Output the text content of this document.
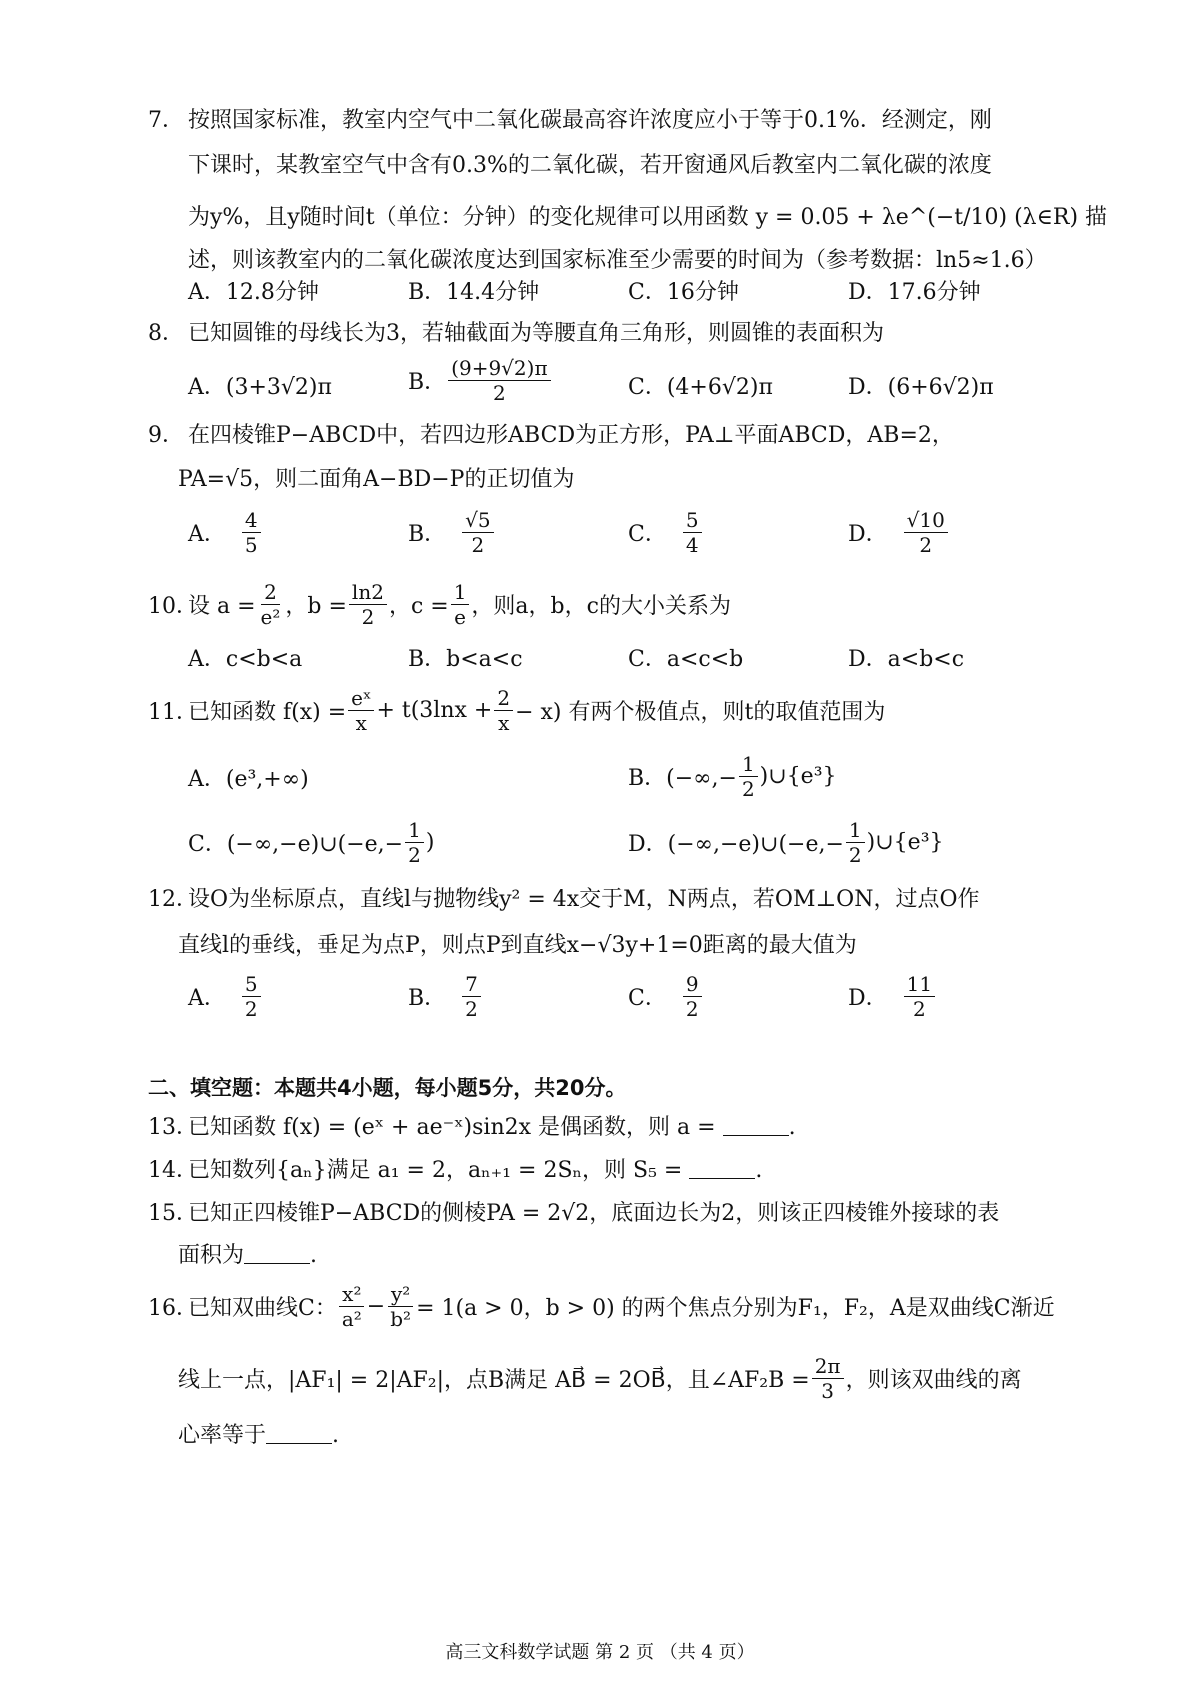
7． 按照国家标准，教室内空气中二氧化碳最高容许浓度应小于等于0.1%．经测定，刚
下课时，某教室空气中含有0.3%的二氧化碳，若开窗通风后教室内二氧化碳的浓度
为y%，且y随时间t（单位：分钟）的变化规律可以用函数 y = 0.05 + λe^(−t/10) (λ∈R) 描
述，则该教室内的二氧化碳浓度达到国家标准至少需要的时间为（参考数据：ln5≈1.6）
A．12.8分钟	B．14.4分钟	C．16分钟	D．17.6分钟
8． 已知圆锥的母线长为3，若轴截面为等腰直角三角形，则圆锥的表面积为
A．(3+3√2)π	B． $\frac{(9+9√2)\pi}{2}$	C．(4+6√2)π	D．(6+6√2)π
9． 在四棱锥P−ABCD中，若四边形ABCD为正方形，PA⊥平面ABCD，AB=2，
PA=√5，则二面角A−BD−P的正切值为
A． $\frac{4}{5}$	B． $\frac{√5}{2}$	C． $\frac{5}{4}$	D． $\frac{√10}{2}$
10．
设 $a = \frac{2}{\text{e²}}$ ，$b = \frac{\ln 2}{2}$ ，$c = \frac{1}{e}$ ，则a，b，c的大小关系为
A．c<b<a	B．b<a<c	C．a<c<b	D．a<b<c
11．
已知函数 $f(x) = \frac{\text{eˣ}}{x} + t(3\ln x + \frac{2}{x} - x)$ 有两个极值点，则t的取值范围为
A．(e³,+∞)	B．(−∞,− $\frac{1}{2}$ )∪{e³}
C．(−∞,−e)∪(−e,− $\frac{1}{2}$ )	D．(−∞,−e)∪(−e,− $\frac{1}{2}$ )∪{e³}
12．设O为坐标原点，直线l与抛物线y² = 4x交于M，N两点，若OM⊥ON，过点O作
直线l的垂线，垂足为点P，则点P到直线x−√3y+1=0距离的最大值为
A． $\frac{5}{2}$	B． $\frac{7}{2}$	C． $\frac{9}{2}$	D． $\frac{11}{2}$
二、填空题：本题共4小题，每小题5分，共20分。
13．已知函数 f(x) = (eˣ + ae⁻ˣ)sin2x 是偶函数，则 a =	.
14．已知数列{aₙ}满足 a₁ = 2，aₙ₊₁ = 2Sₙ，则 S₅ =	.
15．已知正四棱锥P−ABCD的侧棱PA = 2√2，底面边长为2，则该正四棱锥外接球的表
面积为	.
16．
已知双曲线C： $\frac{\text{x²}}{\text{a²}} - \frac{\text{y²}}{\text{b²}} = 1(a > 0$，b > 0) 的两个焦点分别为F₁，F₂，A是双曲线C渐近
线上一点，|AF₁| = 2|AF₂|，点B满足 AB⃗ = 2OB⃗，且∠AF₂B = $\frac{2\pi}{3}$ ，则该双曲线的离
心率等于	.
高三文科数学试题 第 2 页 （共 4 页）
